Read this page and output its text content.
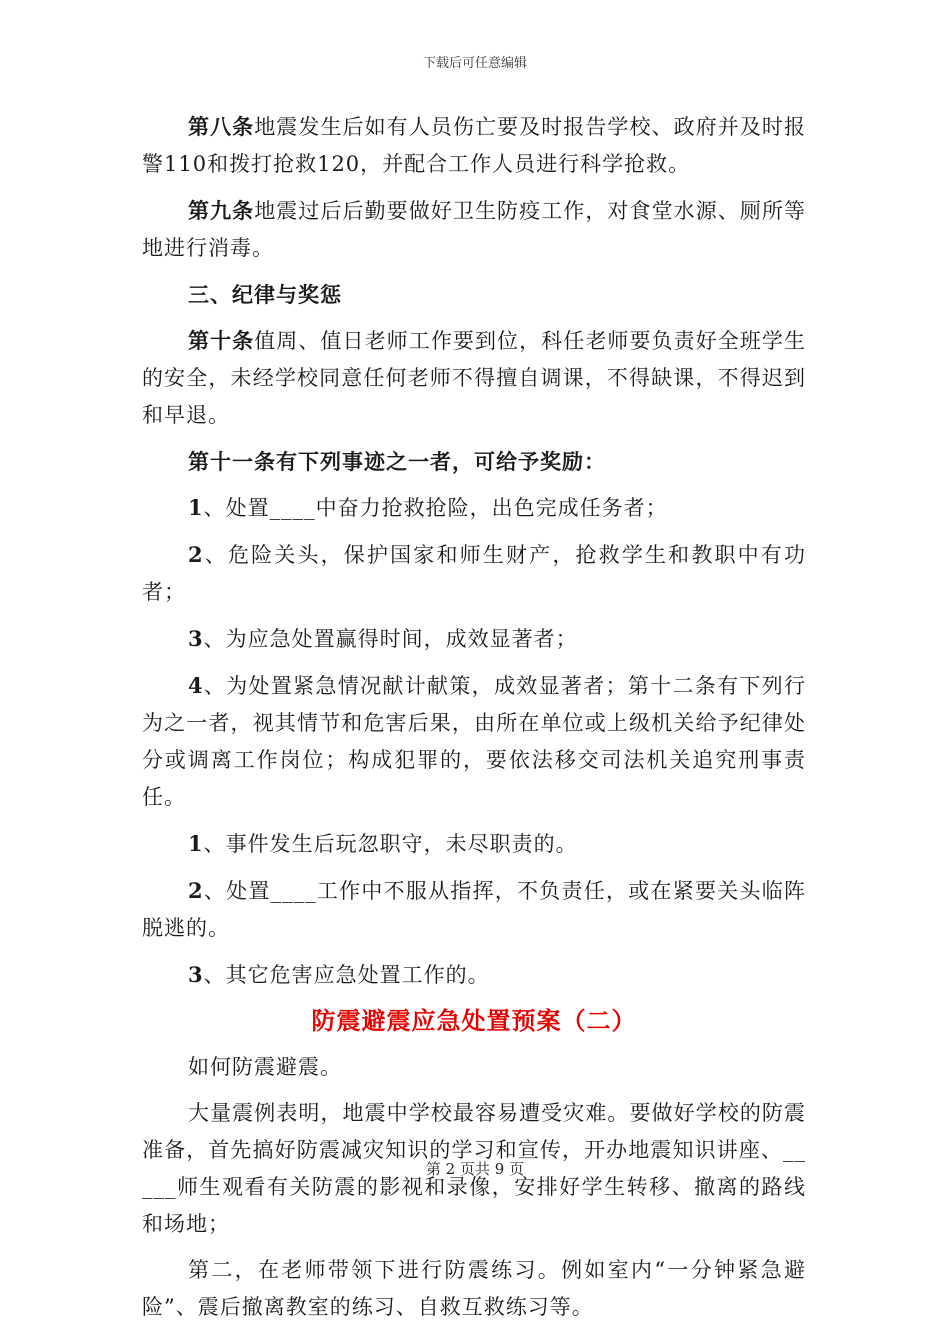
下载后可任意编辑

第八条地震发生后如有人员伤亡要及时报告学校、政府并及时报警110和拨打抢救120，并配合工作人员进行科学抢救。

第九条地震过后后勤要做好卫生防疫工作，对食堂水源、厕所等地进行消毒。

三、纪律与奖惩

第十条值周、值日老师工作要到位，科任老师要负责好全班学生的安全，未经学校同意任何老师不得擅自调课，不得缺课，不得迟到和早退。

第十一条有下列事迹之一者，可给予奖励：

1、处置____中奋力抢救抢险，出色完成任务者；

2、危险关头，保护国家和师生财产，抢救学生和教职中有功者；

3、为应急处置赢得时间，成效显著者；

4、为处置紧急情况献计献策，成效显著者；第十二条有下列行为之一者，视其情节和危害后果，由所在单位或上级机关给予纪律处分或调离工作岗位；构成犯罪的，要依法移交司法机关追究刑事责任。

1、事件发生后玩忽职守，未尽职责的。

2、处置____工作中不服从指挥，不负责任，或在紧要关头临阵脱逃的。

3、其它危害应急处置工作的。

防震避震应急处置预案（二）

如何防震避震。

大量震例表明，地震中学校最容易遭受灾难。要做好学校的防震准备，首先搞好防震减灾知识的学习和宣传，开办地震知识讲座、_____师生观看有关防震的影视和录像，安排好学生转移、撤离的路线和场地；

第二，在老师带领下进行防震练习。例如室内“一分钟紧急避险”、震后撤离教室的练习、自救互救练习等。

第 2 页共 9 页
